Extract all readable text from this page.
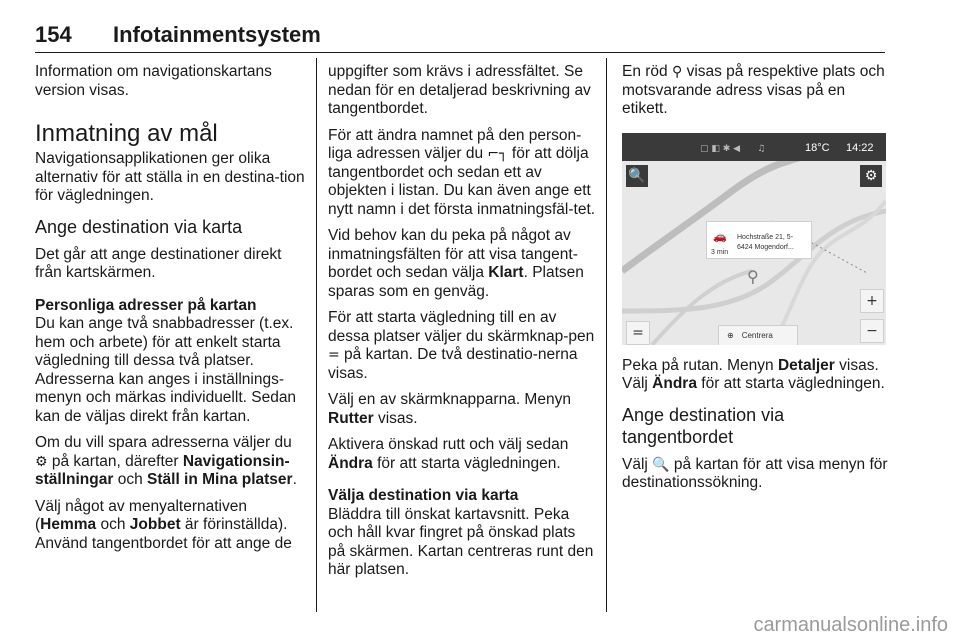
154 Infotainmentsystem

Information om navigationskartans version visas.

Inmatning av mål

Navigationsapplikationen ger olika alternativ för att ställa in en destina-tion för vägledningen.

Ange destination via karta

Det går att ange destinationer direkt från kartskärmen.

Personliga adresser på kartan

Du kan ange två snabbadresser (t.ex. hem och arbete) för att enkelt starta vägledning till dessa två platser. Adresserna kan anges i inställnings-menyn och märkas individuellt. Sedan kan de väljas direkt från kartan.

Om du vill spara adresserna väljer du ⚙ på kartan, därefter Navigationsin-ställningar och Ställ in Mina platser.

Välj något av menyalternativen (Hemma och Jobbet är förinställda). Använd tangentbordet för att ange de

uppgifter som krävs i adressfältet. Se nedan för en detaljerad beskrivning av tangentbordet.

För att ändra namnet på den person-liga adressen väljer du ⌐┐ för att dölja tangentbordet och sedan ett av objekten i listan. Du kan även ange ett nytt namn i det första inmatningsfäl-tet.

Vid behov kan du peka på något av inmatningsfälten för att visa tangent-bordet och sedan välja Klart. Platsen sparas som en genväg.

För att starta vägledning till en av dessa platser väljer du skärmknap-pen = på kartan. De två destinatio-nerna visas.

Välj en av skärmknapparna. Menyn Rutter visas.

Aktivera önskad rutt och välj sedan Ändra för att starta vägledningen.

Välja destination via karta

Bläddra till önskat kartavsnitt. Peka och håll kvar fingret på önskad plats på skärmen. Kartan centreras runt den här platsen.

En röd ⚲ visas på respektive plats och motsvarande adress visas på en etikett.

▢ ◧ ✱ ◀      ♫	18°C 14:22
🔍	⚙
+
−
=
🚗
3 min
Hochstraße 21, 5-
6424 Mogendorf...
⚲
⊕ Centrera

Peka på rutan. Menyn Detaljer visas. Välj Ändra för att starta vägledningen.

Ange destination via tangentbordet

Välj 🔍 på kartan för att visa menyn för destinationssökning.

carmanualsonline.info
